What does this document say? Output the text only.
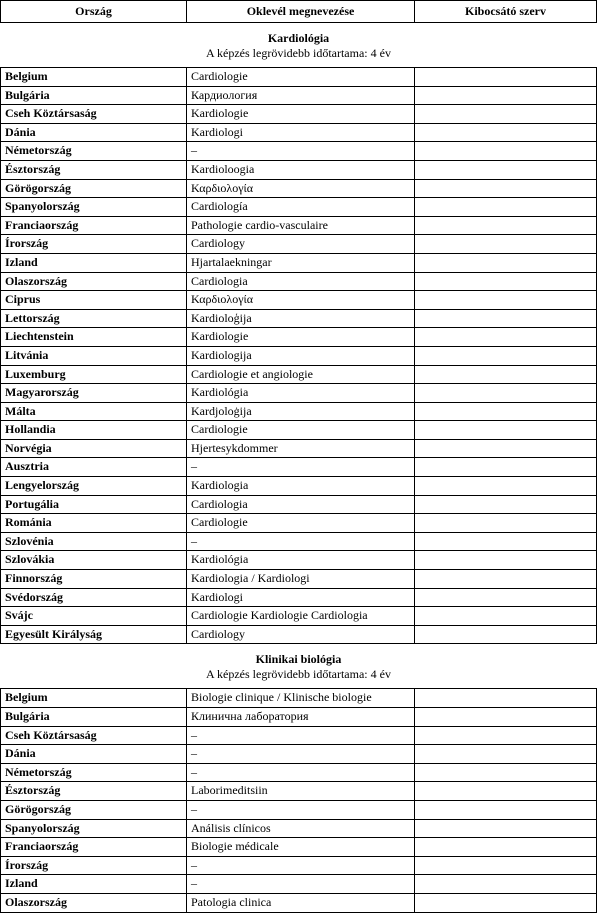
Ország	Oklevél megnevezése	Kibocsátó szerv

Kardiológia
A képzés legrövidebb időtartama: 4 év		

Belgium	Cardiologie	
Bulgária	Кардиология	
Cseh Köztársaság	Kardiologie	
Dánia	Kardiologi	
Németország	–	
Észtország	Kardioloogia	
Görögország	Καρδιολογία	
Spanyolország	Cardiología	
Franciaország	Pathologie cardio-vasculaire	
Írország	Cardiology	
Izland	Hjartalaekningar	
Olaszország	Cardiologia	
Ciprus	Καρδιολογία	
Lettország	Kardioloģija	
Liechtenstein	Kardiologie	
Litvánia	Kardiologija	
Luxemburg	Cardiologie et angiologie	
Magyarország	Kardiológia	
Málta	Kardjoloġija	
Hollandia	Cardiologie	
Norvégia	Hjertesykdommer	
Ausztria	–	
Lengyelország	Kardiologia	
Portugália	Cardiologia	
Románia	Cardiologie	
Szlovénia	–	
Szlovákia	Kardiológia	
Finnország	Kardiologia / Kardiologi	
Svédország	Kardiologi	
Svájc	Cardiologie Kardiologie Cardiologia	
Egyesült Királyság	Cardiology	

Klinikai biológia
A képzés legrövidebb időtartama: 4 év		

Belgium	Biologie clinique / Klinische biologie	
Bulgária	Клинична лаборатория	
Cseh Köztársaság	–	
Dánia	–	
Németország	–	
Észtország	Laborimeditsiin	
Görögország	–	
Spanyolország	Análisis clínicos	
Franciaország	Biologie médicale	
Írország	–	
Izland	–	
Olaszország	Patologia clinica	
